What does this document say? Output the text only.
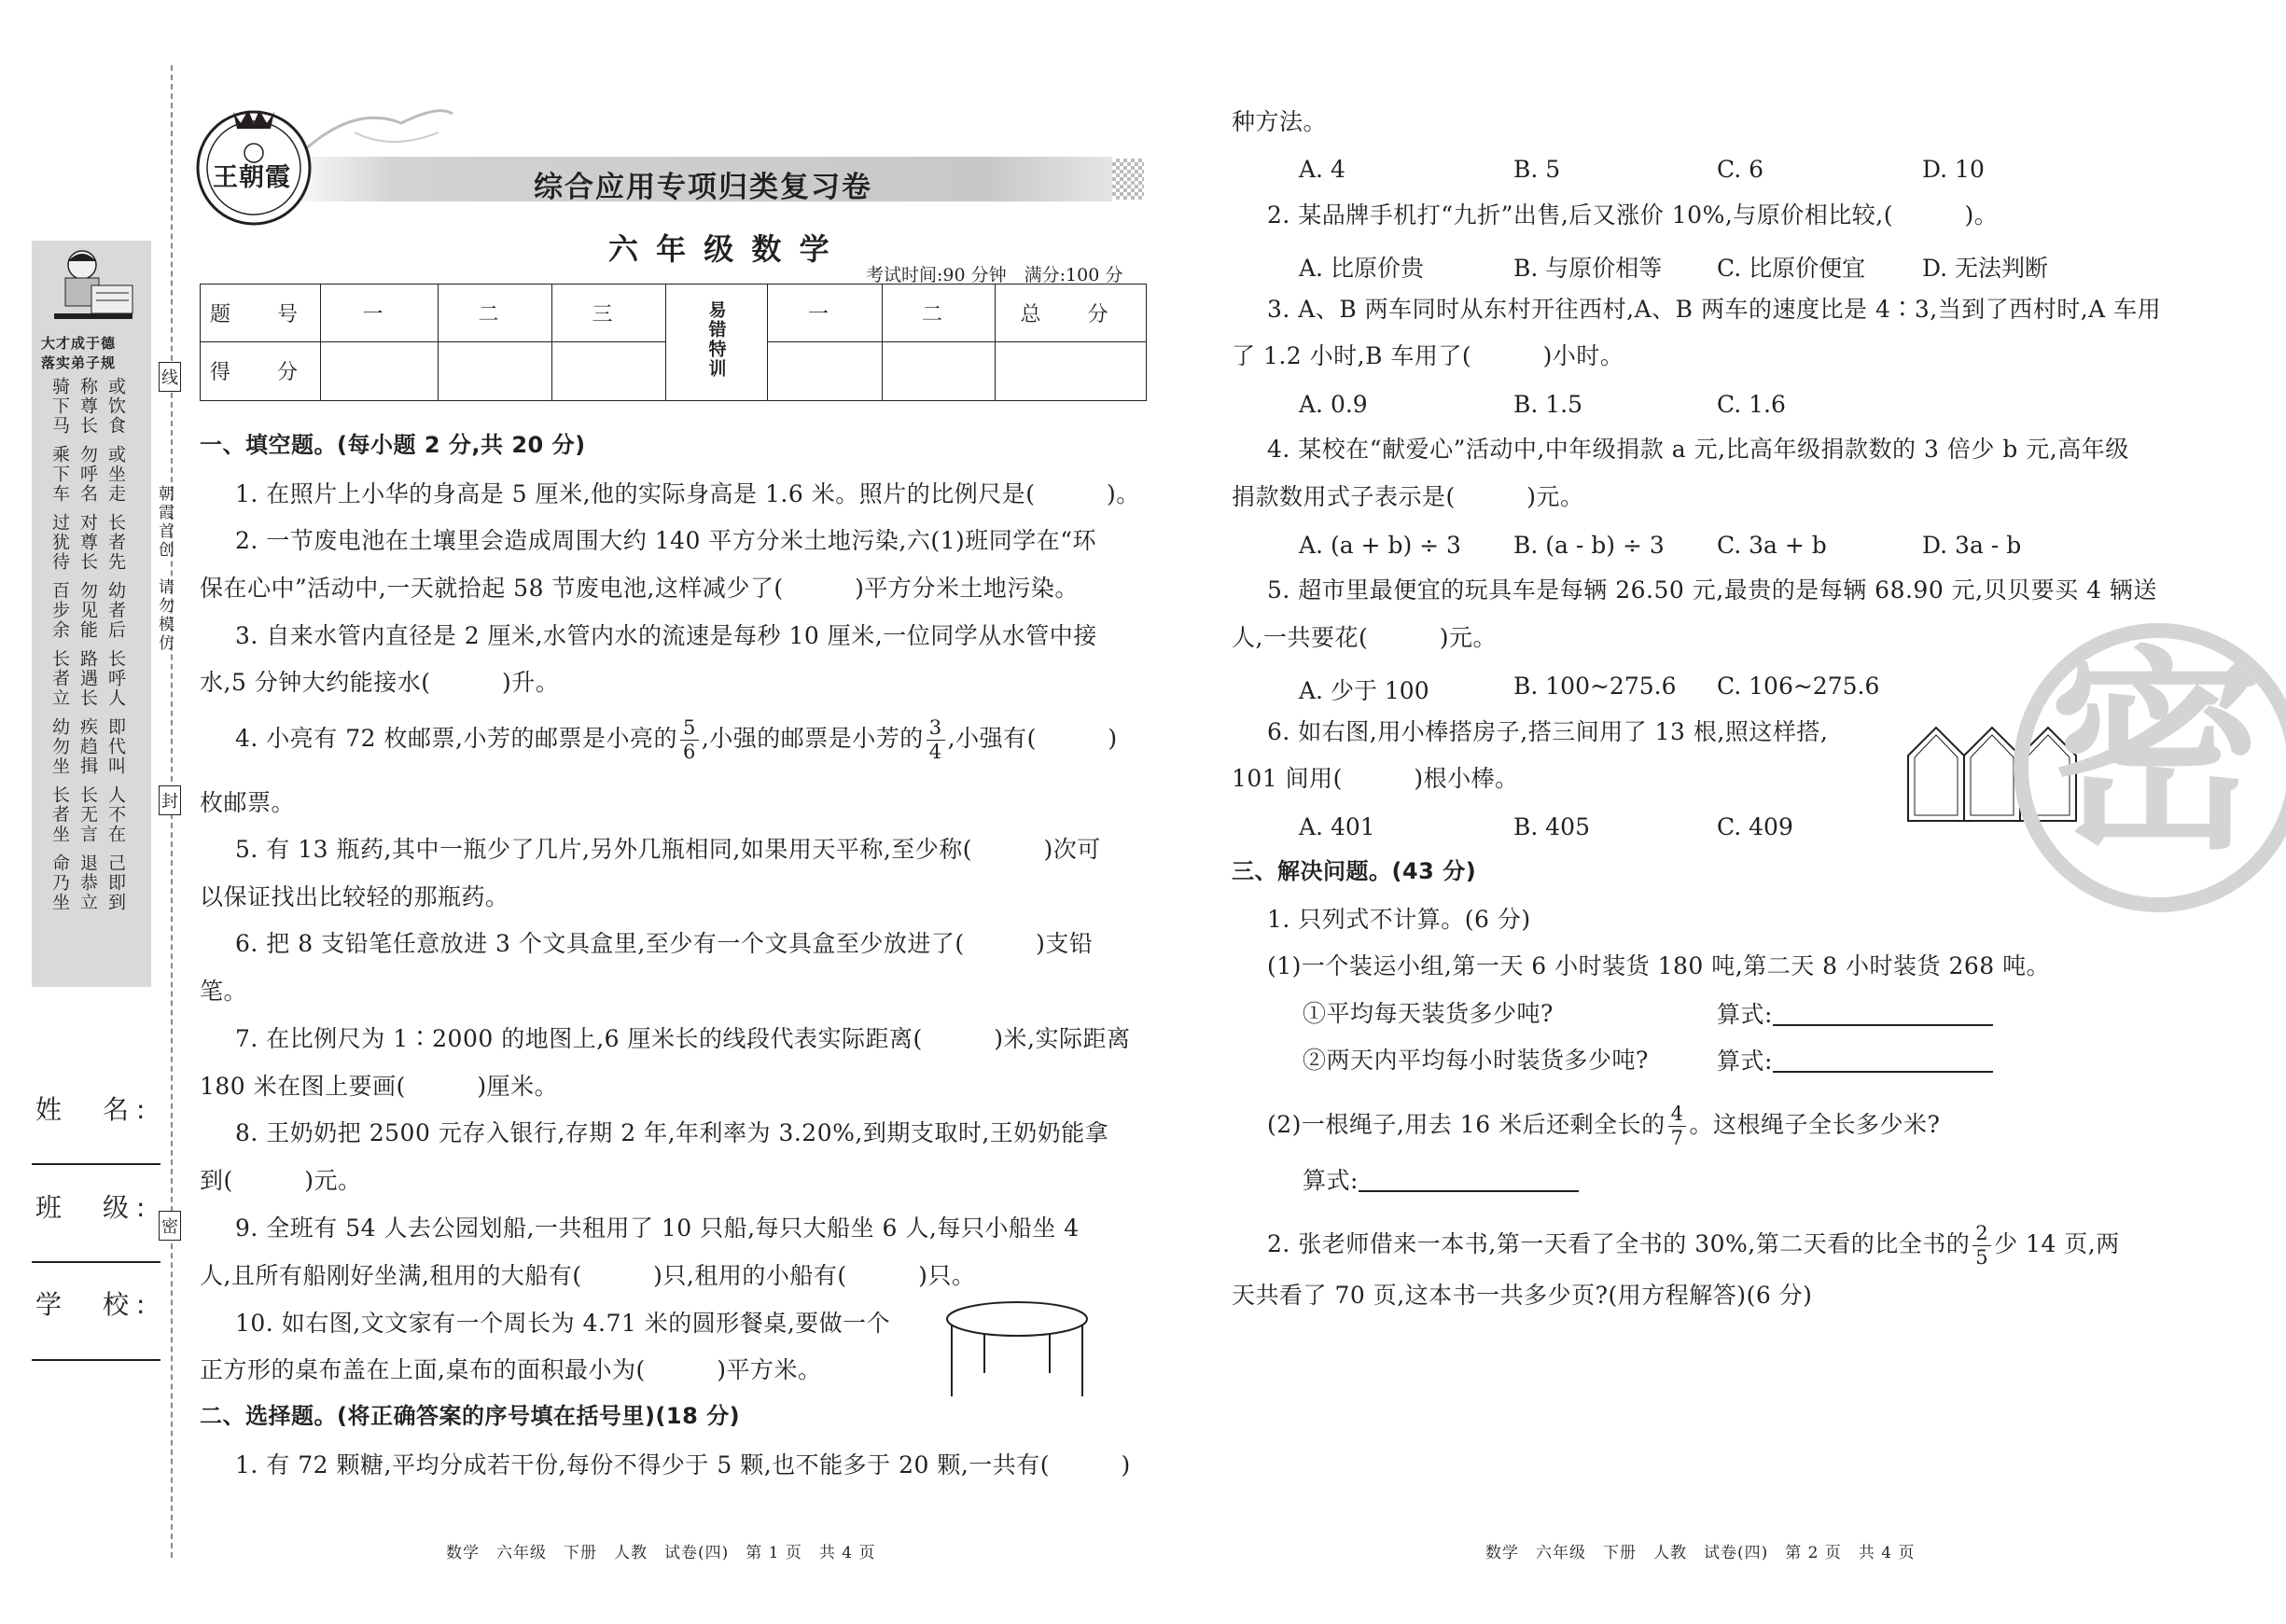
大才成于德
落实弟子规
骑下马 称尊长 或饮食
乘下车 勿呼名 或坐走
过犹待 对尊长 长者先
百步余 勿见能 幼者后
长者立 路遇长 长呼人
幼勿坐 疾趋揖 即代叫
长者坐 长无言 人不在
命乃坐 退恭立 己即到
线
封
密
朝霞首创
请勿模仿
姓　名:
班　级:
学　校:
综合应用专项归类复习卷
王朝霞
六 年 级 数 学
考试时间:90 分钟　满分:100 分
题　号	一	二	三	易错特训	一	二	总　分
得　分							
一、填空题。(每小题 2 分,共 20 分)
1. 在照片上小华的身高是 5 厘米,他的实际身高是 1.6 米。照片的比例尺是(　　　)。
2. 一节废电池在土壤里会造成周围大约 140 平方分米土地污染,六(1)班同学在“环
保在心中”活动中,一天就拾起 58 节废电池,这样减少了(　　　)平方分米土地污染。
3. 自来水管内直径是 2 厘米,水管内水的流速是每秒 10 厘米,一位同学从水管中接
水,5 分钟大约能接水(　　　)升。
4. 小亮有 72 枚邮票,小芳的邮票是小亮的 $\frac{5}{6}$ ,小强的邮票是小芳的 $\frac{3}{4}$ ,小强有(　　　)
枚邮票。
5. 有 13 瓶药,其中一瓶少了几片,另外几瓶相同,如果用天平称,至少称(　　　)次可
以保证找出比较轻的那瓶药。
6. 把 8 支铅笔任意放进 3 个文具盒里,至少有一个文具盒至少放进了(　　　)支铅
笔。
7. 在比例尺为 1∶2000 的地图上,6 厘米长的线段代表实际距离(　　　)米,实际距离
180 米在图上要画(　　　)厘米。
8. 王奶奶把 2500 元存入银行,存期 2 年,年利率为 3.20%,到期支取时,王奶奶能拿
到(　　　)元。
9. 全班有 54 人去公园划船,一共租用了 10 只船,每只大船坐 6 人,每只小船坐 4
人,且所有船刚好坐满,租用的大船有(　　　)只,租用的小船有(　　　)只。
10. 如右图,文文家有一个周长为 4.71 米的圆形餐桌,要做一个
正方形的桌布盖在上面,桌布的面积最小为(　　　)平方米。
二、选择题。(将正确答案的序号填在括号里)(18 分)
1. 有 72 颗糖,平均分成若干份,每份不得少于 5 颗,也不能多于 20 颗,一共有(　　　)
种方法。
A. 4	B. 5	C. 6	D. 10
2. 某品牌手机打“九折”出售,后又涨价 10%,与原价相比较,(　　　)。
A. 比原价贵	B. 与原价相等 C. 比原价便宜 D. 无法判断
3. A、B 两车同时从东村开往西村,A、B 两车的速度比是 4∶3,当到了西村时,A 车用
了 1.2 小时,B 车用了(　　　)小时。
A. 0.9	B. 1.5	C. 1.6
4. 某校在“献爱心”活动中,中年级捐款 a 元,比高年级捐款数的 3 倍少 b 元,高年级
捐款数用式子表示是(　　　)元。
A. (a + b) ÷ 3 B. (a - b) ÷ 3 C. 3a + b	D. 3a - b
5. 超市里最便宜的玩具车是每辆 26.50 元,最贵的是每辆 68.90 元,贝贝要买 4 辆送
人,一共要花(　　　)元。
A. 少于 100	B. 100~275.6 C. 106~275.6
6. 如右图,用小棒搭房子,搭三间用了 13 根,照这样搭,
101 间用(　　　)根小棒。
A. 401	B. 405	C. 409
三、解决问题。(43 分)
1. 只列式不计算。(6 分)
(1)一个装运小组,第一天 6 小时装货 180 吨,第二天 8 小时装货 268 吨。
①平均每天装货多少吨?	算式:
②两天内平均每小时装货多少吨?	算式:
(2)一根绳子,用去 16 米后还剩全长的 $\frac{4}{7}$ 。这根绳子全长多少米?
算式:
2. 张老师借来一本书,第一天看了全书的 30%,第二天看的比全书的 $\frac{2}{5}$ 少 14 页,两
天共看了 70 页,这本书一共多少页?(用方程解答)(6 分)
密
数学　六年级　下册　人教　试卷(四)　第 1 页　共 4 页	数学　六年级　下册　人教　试卷(四)　第 2 页　共 4 页
